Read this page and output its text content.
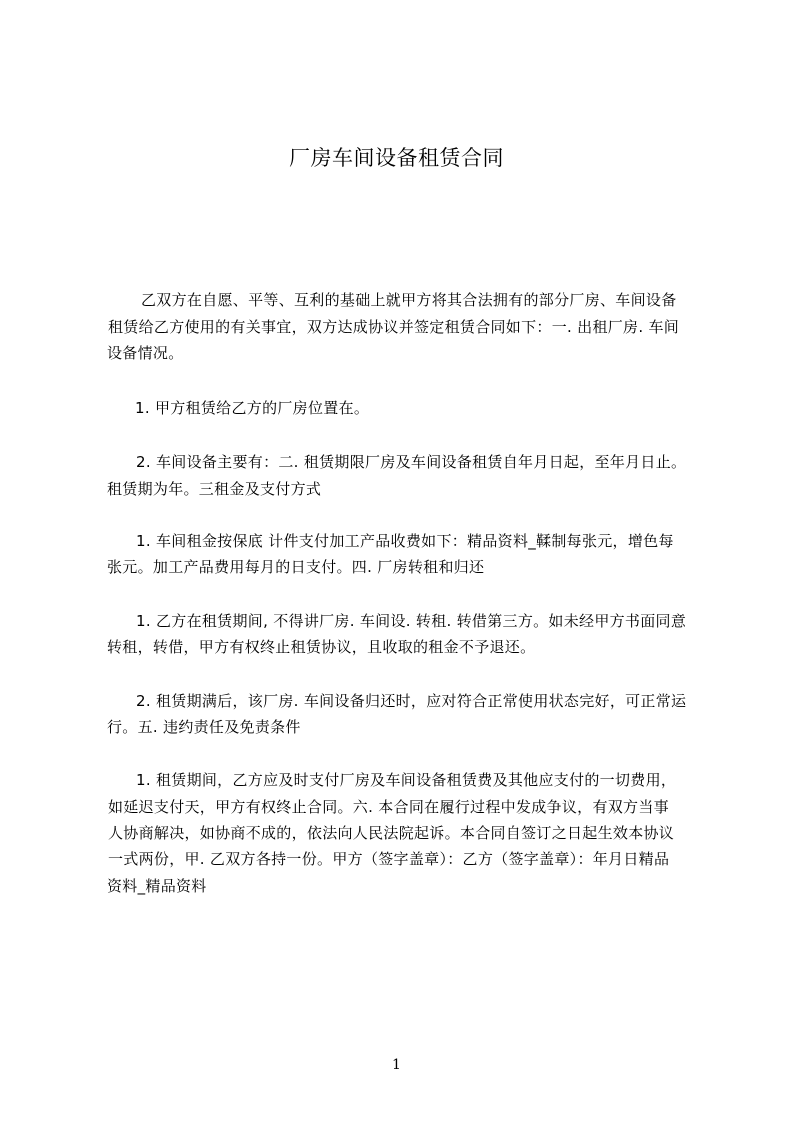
厂房车间设备租赁合同
乙双方在自愿、平等、互利的基础上就甲方将其合法拥有的部分厂房、车间设备
租赁给乙方使用的有关事宜，双方达成协议并签定租赁合同如下：一. 出租厂房. 车间
设备情况。
1. 甲方租赁给乙方的厂房位置在。
2. 车间设备主要有：二. 租赁期限厂房及车间设备租赁自年月日起，至年月日止。
租赁期为年。三租金及支付方式
1. 车间租金按保底 计件支付加工产品收费如下：精品资料_鞣制每张元，增色每
张元。加工产品费用每月的日支付。四. 厂房转租和归还
1. 乙方在租赁期间, 不得讲厂房. 车间设. 转租. 转借第三方。如未经甲方书面同意
转租，转借，甲方有权终止租赁协议，且收取的租金不予退还。
2. 租赁期满后，该厂房. 车间设备归还时，应对符合正常使用状态完好，可正常运
行。五. 违约责任及免责条件
1. 租赁期间，乙方应及时支付厂房及车间设备租赁费及其他应支付的一切费用，
如延迟支付天，甲方有权终止合同。六. 本合同在履行过程中发成争议，有双方当事
人协商解决，如协商不成的，依法向人民法院起诉。本合同自签订之日起生效本协议
一式两份，甲. 乙双方各持一份。甲方（签字盖章）：乙方（签字盖章）：年月日精品
资料_精品资料
1
